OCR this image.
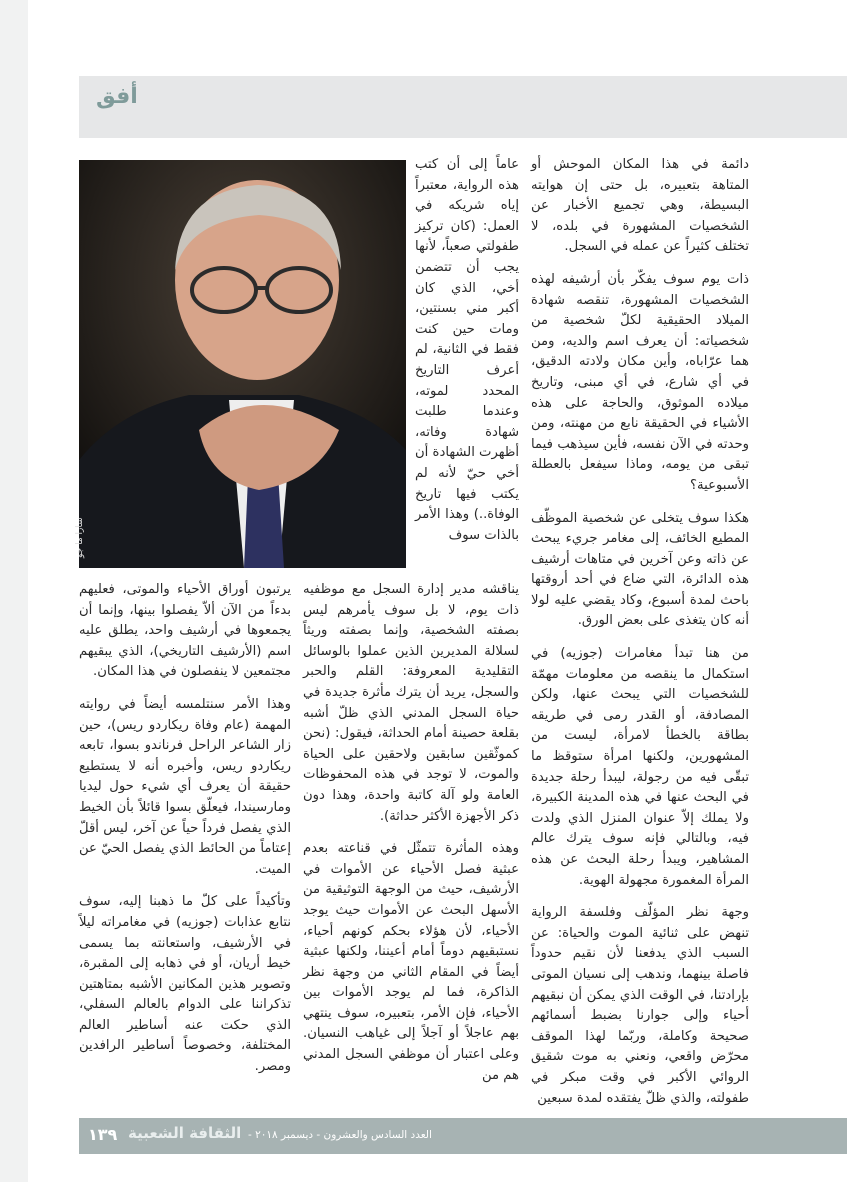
أفق

دائمة في هذا المكان الموحش أو المتاهة بتعبيره، بل حتى إن هوايته البسيطة، وهي تجميع الأخبار عن الشخصيات المشهورة في بلده، لا تختلف كثيراً عن عمله في السجل.

ذات يوم سوف يفكّر بأن أرشيفه لهذه الشخصيات المشهورة، تنقصه شهادة الميلاد الحقيقية لكلّ شخصية من شخصياته: أن يعرف اسم والديه، ومن هما عرّاباه، وأين مكان ولادته الدقيق، في أي شارع، في أي مبنى، وتاريخ ميلاده الموثوق، والحاجة على هذه الأشياء في الحقيقة نابع من مهنته، ومن وحدته في الآن نفسه، فأين سيذهب فيما تبقى من يومه، وماذا سيفعل بالعطلة الأسبوعية؟

هكذا سوف يتخلى عن شخصية الموظّف المطيع الخائف، إلى مغامر جريء يبحث عن ذاته وعن آخرين في متاهات أرشيف هذه الدائرة، التي ضاع في أحد أروقتها باحث لمدة أسبوع، وكاد يقضي عليه لولا أنه كان يتغذى على بعض الورق.

من هنا تبدأ مغامرات (جوزيه) في استكمال ما ينقصه من معلومات مهمّة للشخصيات التي يبحث عنها، ولكن المصادفة، أو القدر رمى في طريقه بطاقة بالخطأ لامرأة، ليست من المشهورين، ولكنها امرأة ستوقظ ما تبقّى فيه من رجولة، ليبدأ رحلة جديدة في البحث عنها في هذه المدينة الكبيرة، ولا يملك إلاّ عنوان المنزل الذي ولدت فيه، وبالتالي فإنه سوف يترك عالم المشاهير، ويبدأ رحلة البحث عن هذه المرأة المغمورة مجهولة الهوية.

وجهة نظر المؤلّف وفلسفة الرواية تنهض على ثنائية الموت والحياة: عن السبب الذي يدفعنا لأن نقيم حدوداً فاصلة بينهما، وندهب إلى نسيان الموتى بإرادتنا، في الوقت الذي يمكن أن نبقيهم أحياء وإلى جوارنا بضبط أسمائهم صحيحة وكاملة، وربّما لهذا الموقف محرّض واقعي، ونعني به موت شقيق الروائي الأكبر في وقت مبكر في طفولته، والذي ظلّ يفتقده لمدة سبعين

عاماً إلى أن كتب هذه الرواية، معتبراً إياه شريكه في العمل: (كان تركيز طفولتي صعباً، لأنها يجب أن تتضمن أخي، الذي كان أكبر مني بسنتين، ومات حين كنت فقط في الثانية، لم أعرف التاريخ المحدد لموته، وعندما طلبت شهادة وفاته، أظهرت الشهادة أن أخي حيّ لأنه لم يكتب فيها تاريخ الوفاة..) وهذا الأمر بالذات سوف

سارا ما جو

يناقشه مدير إدارة السجل مع موظفيه ذات يوم، لا بل سوف يأمرهم ليس بصفته الشخصية، وإنما بصفته وريثاً لسلالة المديرين الذين عملوا بالوسائل التقليدية المعروفة: القلم والحبر والسجل، يريد أن يترك مأثرة جديدة في حياة السجل المدني الذي ظلّ أشبه بقلعة حصينة أمام الحداثة، فيقول: (نحن كموثّقين سابقين ولاحقين على الحياة والموت، لا توجد في هذه المحفوظات العامة ولو آلة كاتبة واحدة، وهذا دون ذكر الأجهزة الأكثر حداثة).

وهذه المأثرة تتمثّل في قناعته بعدم عبثية فصل الأحياء عن الأموات في الأرشيف، حيث من الوجهة التوثيقية من الأسهل البحث عن الأموات حيث يوجد الأحياء، لأن هؤلاء بحكم كونهم أحياء، نستبقيهم دوماً أمام أعيننا، ولكنها عبثية أيضاً في المقام الثاني من وجهة نظر الذاكرة، فما لم يوجد الأموات بين الأحياء، فإن الأمر، بتعبيره، سوف ينتهي بهم عاجلاً أو آجلاً إلى غياهب النسيان. وعلى اعتبار أن موظفي السجل المدني هم من

يرتبون أوراق الأحياء والموتى، فعليهم بدءاً من الآن ألاّ يفصلوا بينها، وإنما أن يجمعوها في أرشيف واحد، يطلق عليه اسم (الأرشيف التاريخي)، الذي يبقيهم مجتمعين لا ينفصلون في هذا المكان.

وهذا الأمر سنتلمسه أيضاً في روايته المهمة (عام وفاة ريكاردو ريس)، حين زار الشاعر الراحل فرناندو بسوا، تابعه ريكاردو ريس، وأخبره أنه لا يستطيع حقيقة أن يعرف أي شيء حول ليديا ومارسيندا، فيعلّق بسوا قائلاً بأن الخيط الذي يفصل فرداً حياً عن آخر، ليس أقلّ إعتاماً من الحائط الذي يفصل الحيّ عن الميت.

وتأكيداً على كلّ ما ذهبنا إليه، سوف نتابع عذابات (جوزيه) في مغامراته ليلاً في الأرشيف، واستعانته بما يسمى خيط أريان، أو في ذهابه إلى المقبرة، وتصوير هذين المكانين الأشبه بمتاهتين تذكراننا على الدوام بالعالم السفلي، الذي حكت عنه أساطير العالم المختلفة، وخصوصاً أساطير الرافدين ومصر.

١٣٩ الثقافة الشعبية العدد السادس والعشرون - ديسمبر ٢٠١٨ -
